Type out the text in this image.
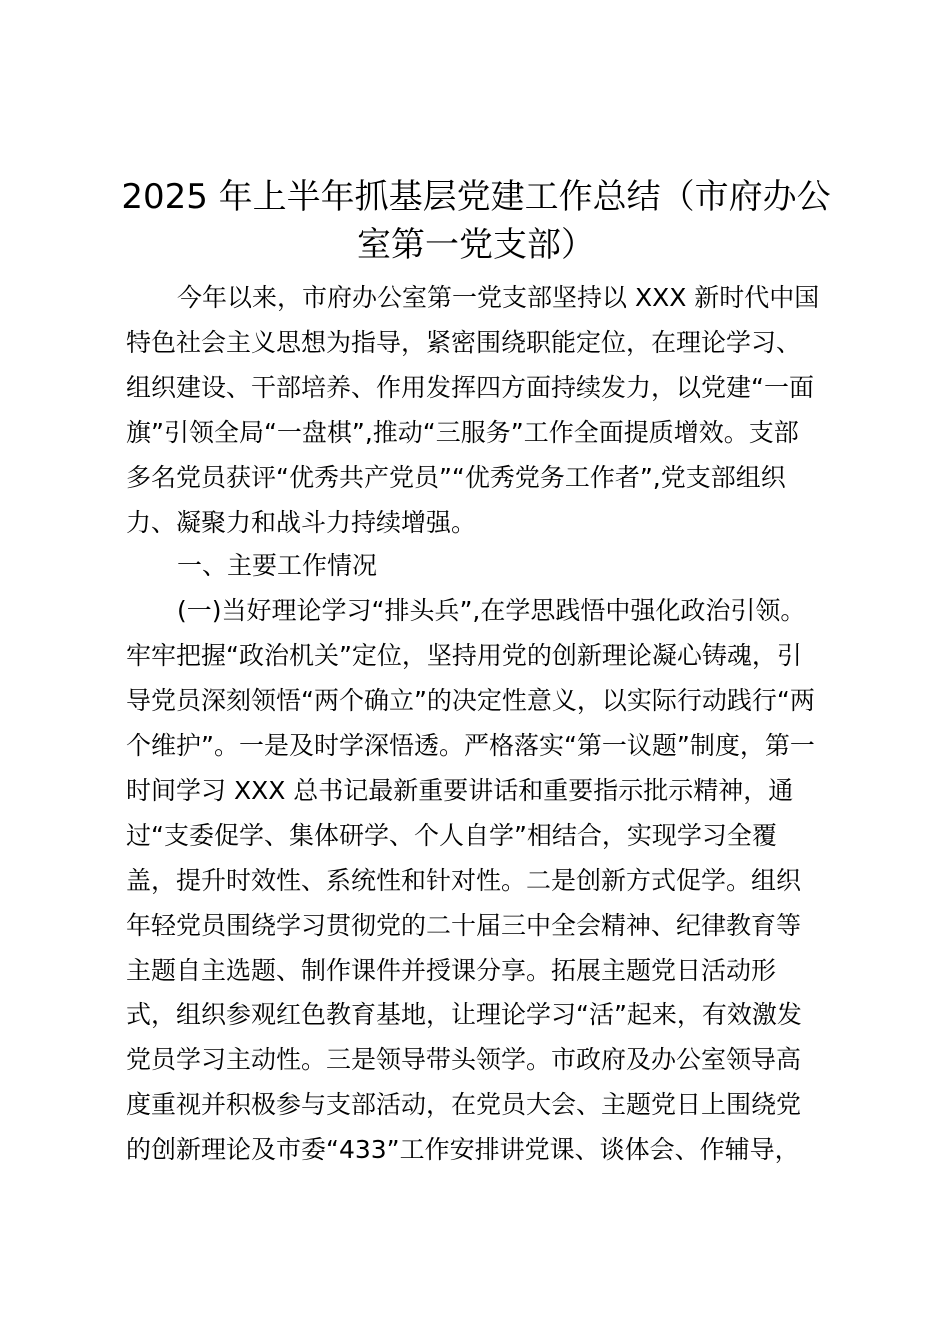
2025 年上半年抓基层党建工作总结（市府办公
室第一党支部）
今年以来，市府办公室第一党支部坚持以 XXX 新时代中国
特色社会主义思想为指导，紧密围绕职能定位，在理论学习、
组织建设、干部培养、作用发挥四方面持续发力，以党建“一面
旗”引领全局“一盘棋”,推动“三服务”工作全面提质增效。支部
多名党员获评“优秀共产党员”“优秀党务工作者”,党支部组织
力、凝聚力和战斗力持续增强。
一、主要工作情况
(一)当好理论学习“排头兵”,在学思践悟中强化政治引领。
牢牢把握“政治机关”定位，坚持用党的创新理论凝心铸魂，引
导党员深刻领悟“两个确立”的决定性意义，以实际行动践行“两
个维护”。一是及时学深悟透。严格落实“第一议题”制度，第一
时间学习 XXX 总书记最新重要讲话和重要指示批示精神，通
过“支委促学、集体研学、个人自学”相结合，实现学习全覆
盖，提升时效性、系统性和针对性。二是创新方式促学。组织
年轻党员围绕学习贯彻党的二十届三中全会精神、纪律教育等
主题自主选题、制作课件并授课分享。拓展主题党日活动形
式，组织参观红色教育基地，让理论学习“活”起来，有效激发
党员学习主动性。三是领导带头领学。市政府及办公室领导高
度重视并积极参与支部活动，在党员大会、主题党日上围绕党
的创新理论及市委“433”工作安排讲党课、谈体会、作辅导，
